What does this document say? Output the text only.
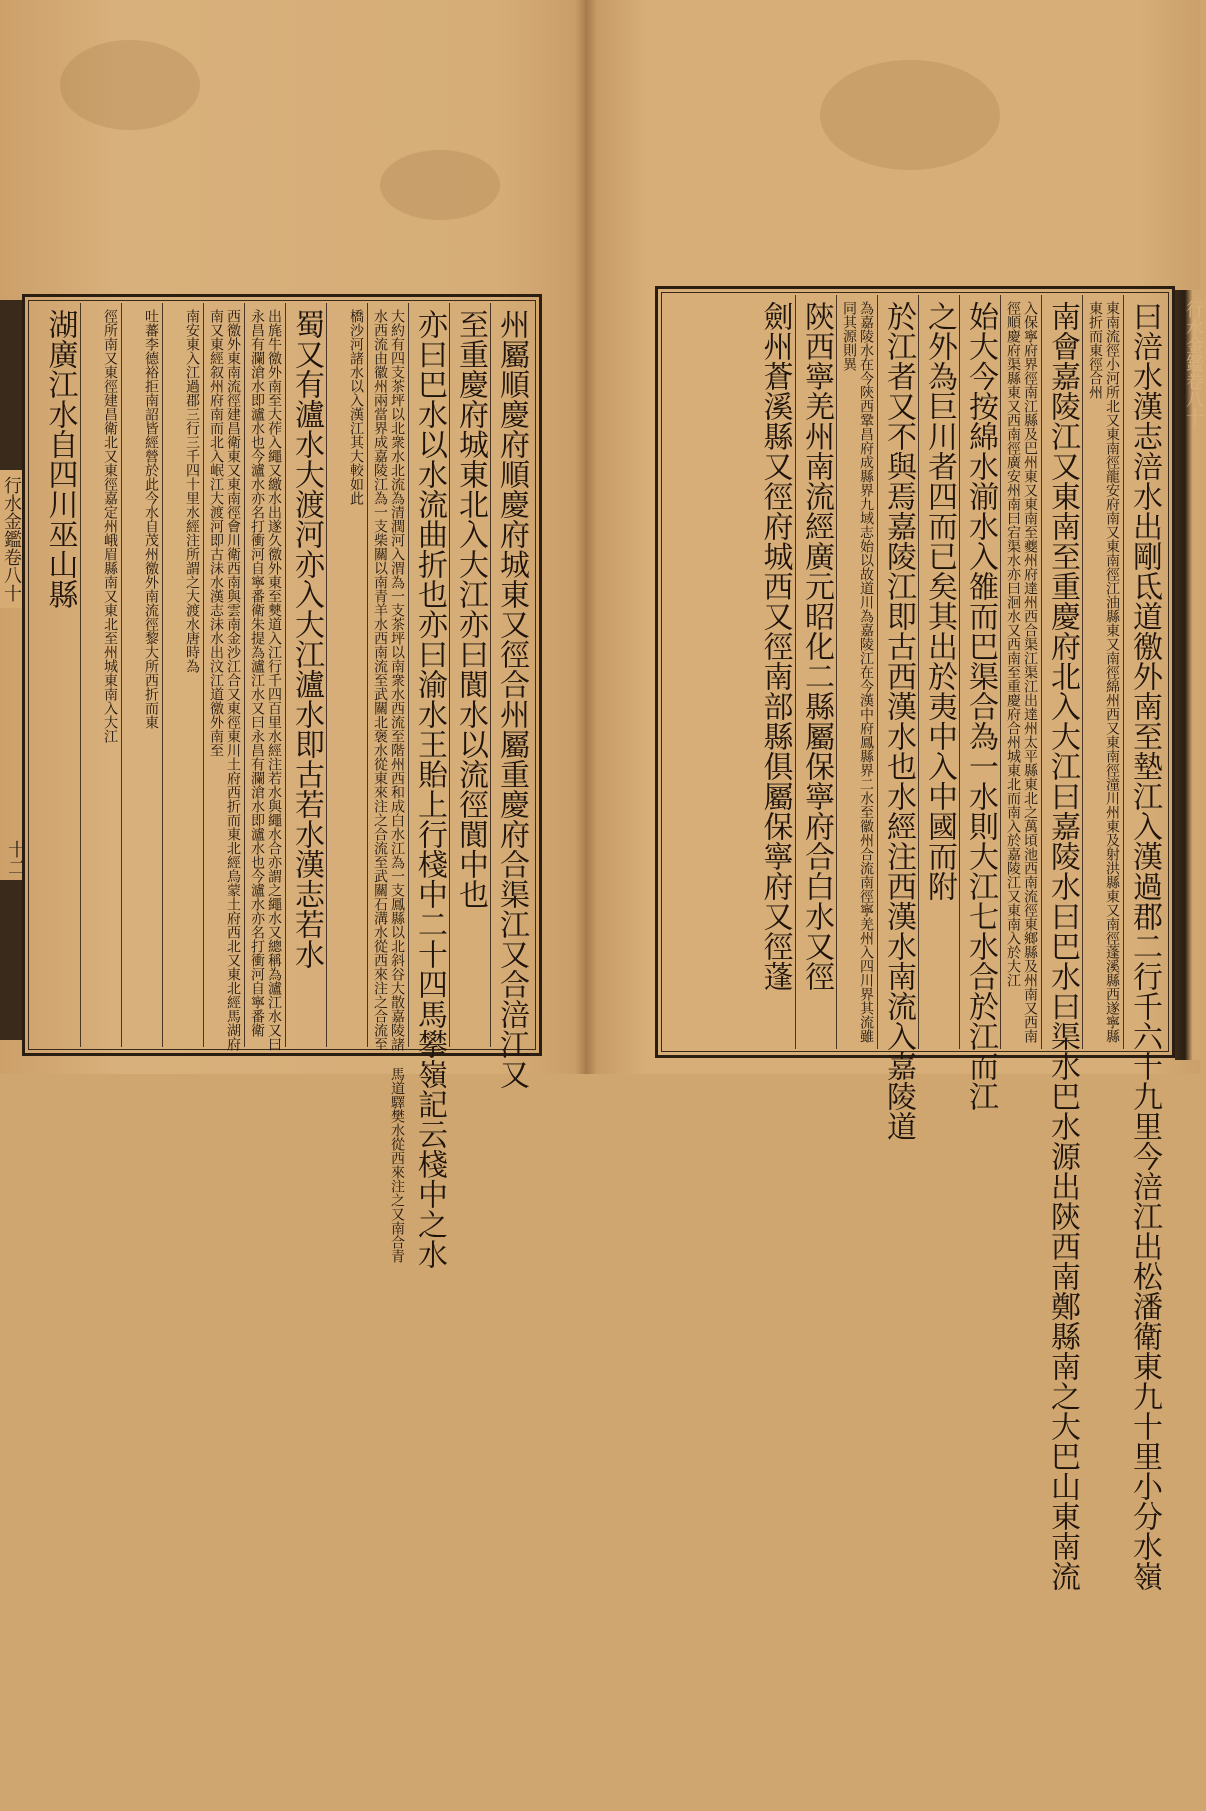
行水金鑑卷八十
十二	州屬順慶府順慶府城東又徑合州屬重慶府合渠江又合涪江又
至重慶府城東北入大江亦曰閬水以流徑閬中也
亦曰巴水以水流曲折也亦曰渝水王貽上行棧中二十四馬攀嶺記云棧中之水
大約有四支茶坪以北衆水北流為清潤河入渭為一支茶坪以南衆水西流至階州西和成白水江為一支鳳縣以北斜谷大散嘉陵諸水西流由徽州兩當界成嘉陵江為一支柴關以南青羊水西南流至武關北褒水從東來注之合流至武關石溝水從西來注之合流至馬道驛樊水從西來注之又南合青
橋沙河諸水以入漢江其大較如此
蜀又有瀘水大渡河亦入大江瀘水即古若水漢志若水
出旄牛徼外南至大莋入繩又繳水出遂久徼外東至僰道入江行千四百里水經注若水與繩水合亦謂之繩水又總稱為瀘江水又曰永昌有瀾滄水即瀘水也今瀘水亦名打衝河自寧番衛朱提為瀘江水又曰永昌有瀾滄水即瀘水也今瀘水亦名打衝河自寧番衛
西徼外東南流徑建昌衛東又東南徑會川衛西南與雲南金沙江合又東徑東川土府西折而東北經烏蒙土府西北又東北經馬湖府南又東經叙州府南而北入岷江大渡河即古沬水漢志沬水出汶江道徼外南至
南安東入江過郡三行三千四十里水經注所謂之大渡水唐時為
吐蕃李德裕拒南詔皆經營於此今水自茂州徼外南流徑黎大所西折而東
徑所南又東徑建昌衛北又東徑嘉定州峨眉縣南又東北至州城東南入大江
湖廣江水自四川巫山縣	曰涪水漢志涪水出剛氐道徼外南至墊江入漢過郡二行千六十九里今涪江出松潘衛東九十里小分水嶺
東南流徑小河所北又東南徑龍安府南又東南徑江油縣東又南徑綿州西又東南徑潼川州東及射洪縣東又南徑蓬溪縣西遂寧縣東折而東徑合州
南會嘉陵江又東南至重慶府北入大江曰嘉陵水曰巴水曰渠水巴水源出陝西南鄭縣南之大巴山東南流
入保寧府界徑南江縣及巴州東又東南至夔州府達州西合渠江渠江出達州太平縣東北之萬頃池西南流徑東鄉縣及州南又西南徑順慶府渠縣東又西南徑廣安州南曰宕渠水亦曰洄水又西南至重慶府合州城東北而南入於嘉陵江又東南入於大江
始大今按綿水湔水入雒而巴渠合為一水則大江七水合於江而江
之外為巨川者四而已矣其出於夷中入中國而附
於江者又不與焉嘉陵江即古西漢水也水經注西漢水南流入嘉陵道
為嘉陵水在今陝西鞏昌府成縣界九域志始以故道川為嘉陵江在今漢中府鳳縣界二水至徽州合流南徑寧羌州入四川界其流雖同其源則異
陝西寧羌州南流經廣元昭化二縣屬保寧府合白水又徑
劍州蒼溪縣又徑府城西又徑南部縣俱屬保寧府又徑蓬	行水金鑑卷八十
